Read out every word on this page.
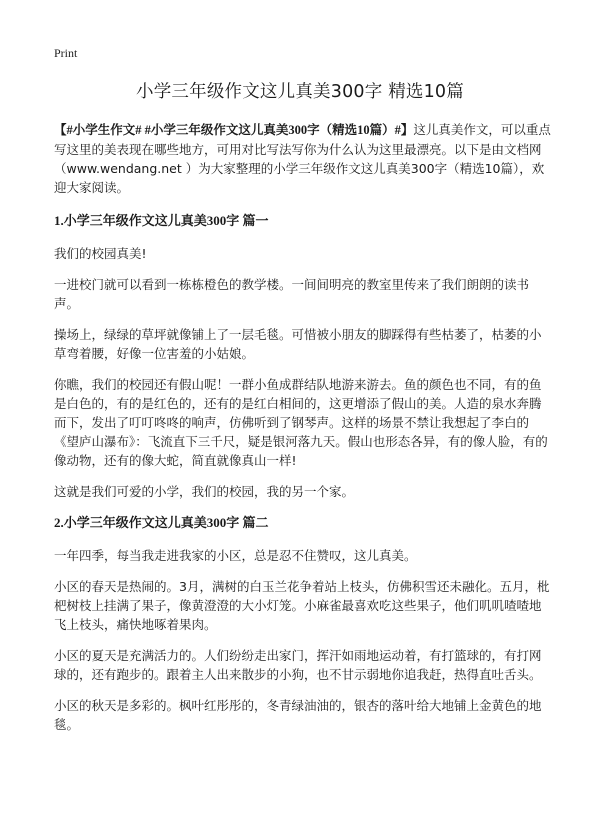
Print
小学三年级作文这儿真美300字 精选10篇

【#小学生作文# #小学三年级作文这儿真美300字（精选10篇）#】这儿真美作文，可以重点写这里的美表现在哪些地方，可用对比写法写你为什么认为这里最漂亮。以下是由文档网（www.wendang.net ）为大家整理的小学三年级作文这儿真美300字（精选10篇），欢迎大家阅读。

1.小学三年级作文这儿真美300字 篇一

我们的校园真美!

一进校门就可以看到一栋栋橙色的教学楼。一间间明亮的教室里传来了我们朗朗的读书声。

操场上，绿绿的草坪就像铺上了一层毛毯。可惜被小朋友的脚踩得有些枯萎了，枯萎的小草弯着腰，好像一位害羞的小姑娘。

你瞧，我们的校园还有假山呢！一群小鱼成群结队地游来游去。鱼的颜色也不同，有的鱼是白色的，有的是红色的，还有的是红白相间的，这更增添了假山的美。人造的泉水奔腾而下，发出了叮叮咚咚的响声，仿佛听到了钢琴声。这样的场景不禁让我想起了李白的《望庐山瀑布》：飞流直下三千尺，疑是银河落九天。假山也形态各异，有的像人脸，有的像动物，还有的像大蛇，简直就像真山一样!

这就是我们可爱的小学，我们的校园，我的另一个家。

2.小学三年级作文这儿真美300字 篇二

一年四季，每当我走进我家的小区，总是忍不住赞叹，这儿真美。

小区的春天是热闹的。3月，满树的白玉兰花争着站上枝头，仿佛积雪还未融化。五月，枇杷树枝上挂满了果子，像黄澄澄的大小灯笼。小麻雀最喜欢吃这些果子，他们叽叽喳喳地飞上枝头，痛快地啄着果肉。

小区的夏天是充满活力的。人们纷纷走出家门，挥汗如雨地运动着，有打篮球的，有打网球的，还有跑步的。跟着主人出来散步的小狗，也不甘示弱地你追我赶，热得直吐舌头。

小区的秋天是多彩的。枫叶红彤彤的，冬青绿油油的，银杏的落叶给大地铺上金黄色的地毯。
